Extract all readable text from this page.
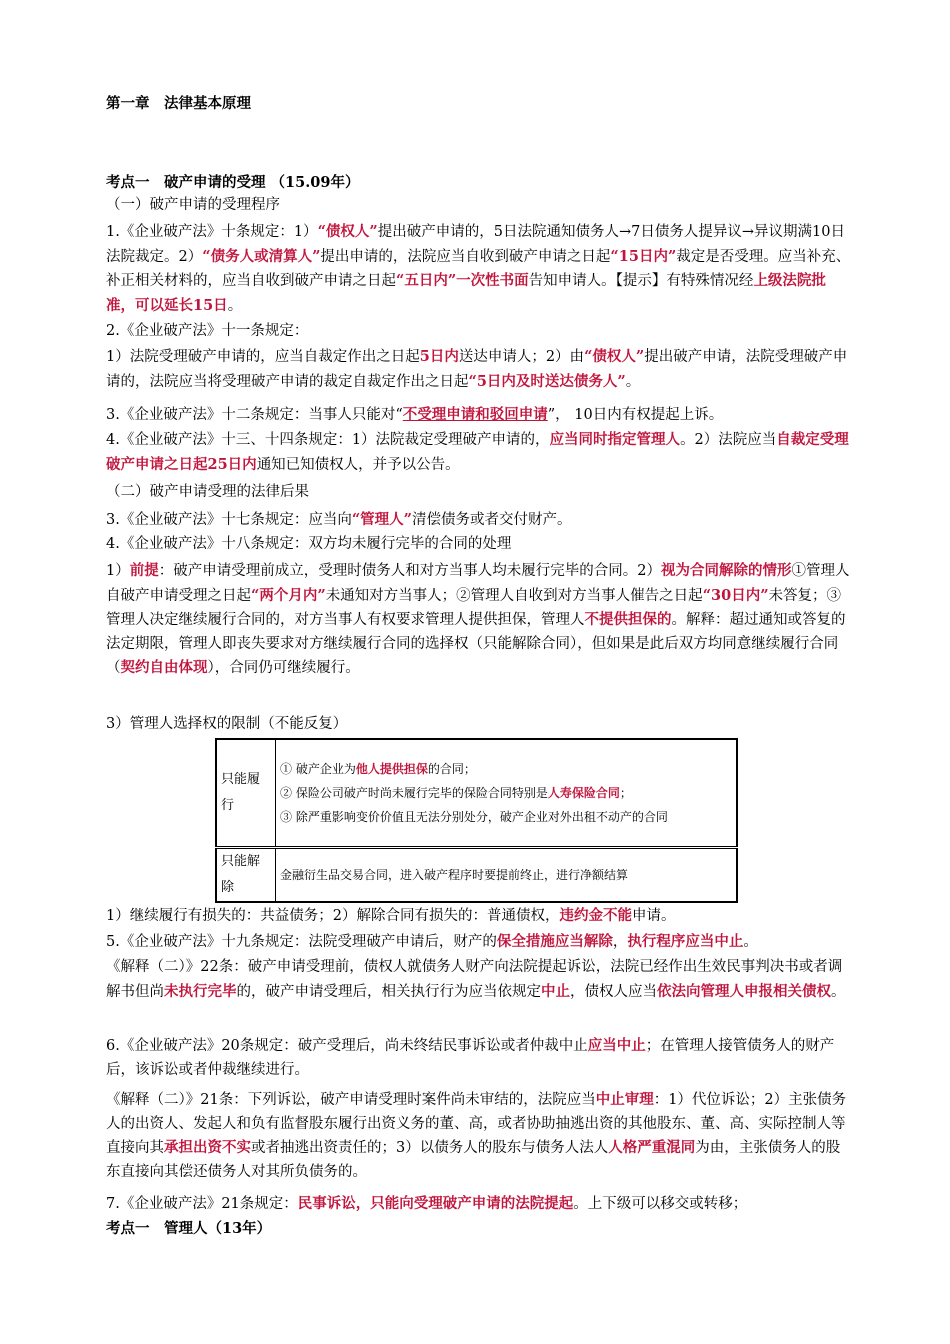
第一章　法律基本原理

考点一　破产申请的受理 （15.09年）

（一）破产申请的受理程序

1.《企业破产法》十条规定：1）“债权人”提出破产申请的，5日法院通知债务人→7日债务人提异议→异议期满10日法院裁定。2）“债务人或清算人”提出申请的，法院应当自收到破产申请之日起“15日内”裁定是否受理。应当补充、补正相关材料的，应当自收到破产申请之日起“五日内”一次性书面告知申请人。【提示】有特殊情况经上级法院批准，可以延长15日。

2.《企业破产法》十一条规定：

1）法院受理破产申请的，应当自裁定作出之日起5日内送达申请人；2）由“债权人”提出破产申请，法院受理破产申请的，法院应当将受理破产申请的裁定自裁定作出之日起“5日内及时送达债务人”。

3.《企业破产法》十二条规定：当事人只能对“不受理申请和驳回申请”， 10日内有权提起上诉。

4.《企业破产法》十三、十四条规定：1）法院裁定受理破产申请的，应当同时指定管理人。2）法院应当自裁定受理破产申请之日起25日内通知已知债权人，并予以公告。

（二）破产申请受理的法律后果

3.《企业破产法》十七条规定：应当向“管理人”清偿债务或者交付财产。

4.《企业破产法》十八条规定：双方均未履行完毕的合同的处理

1）前提：破产申请受理前成立，受理时债务人和对方当事人均未履行完毕的合同。2）视为合同解除的情形①管理人自破产申请受理之日起“两个月内”未通知对方当事人；②管理人自收到对方当事人催告之日起“30日内”未答复；③管理人决定继续履行合同的，对方当事人有权要求管理人提供担保，管理人不提供担保的。解释：超过通知或答复的法定期限，管理人即丧失要求对方继续履行合同的选择权（只能解除合同），但如果是此后双方均同意继续履行合同（契约自由体现），合同仍可继续履行。

3）管理人选择权的限制（不能反复）

只能履行	① 破产企业为他人提供担保的合同；
② 保险公司破产时尚未履行完毕的保险合同特别是人寿保险合同；
③ 除严重影响变价价值且无法分别处分，破产企业对外出租不动产的合同

只能解除	金融衍生品交易合同，进入破产程序时要提前终止，进行净额结算

1）继续履行有损失的：共益债务；2）解除合同有损失的：普通债权，违约金不能申请。

5.《企业破产法》十九条规定：法院受理破产申请后，财产的保全措施应当解除，执行程序应当中止。

《解释（二）》22条：破产申请受理前，债权人就债务人财产向法院提起诉讼，法院已经作出生效民事判决书或者调解书但尚未执行完毕的，破产申请受理后，相关执行行为应当依规定中止，债权人应当依法向管理人申报相关债权。

6.《企业破产法》20条规定：破产受理后，尚未终结民事诉讼或者仲裁中止应当中止；在管理人接管债务人的财产后，该诉讼或者仲裁继续进行。

《解释（二）》21条：下列诉讼，破产申请受理时案件尚未审结的，法院应当中止审理：1）代位诉讼；2）主张债务人的出资人、发起人和负有监督股东履行出资义务的董、高，或者协助抽逃出资的其他股东、董、高、实际控制人等直接向其承担出资不实或者抽逃出资责任的；3）以债务人的股东与债务人法人人格严重混同为由，主张债务人的股东直接向其偿还债务人对其所负债务的。

7.《企业破产法》21条规定：民事诉讼，只能向受理破产申请的法院提起。上下级可以移交或转移；

考点一　管理人（13年）
